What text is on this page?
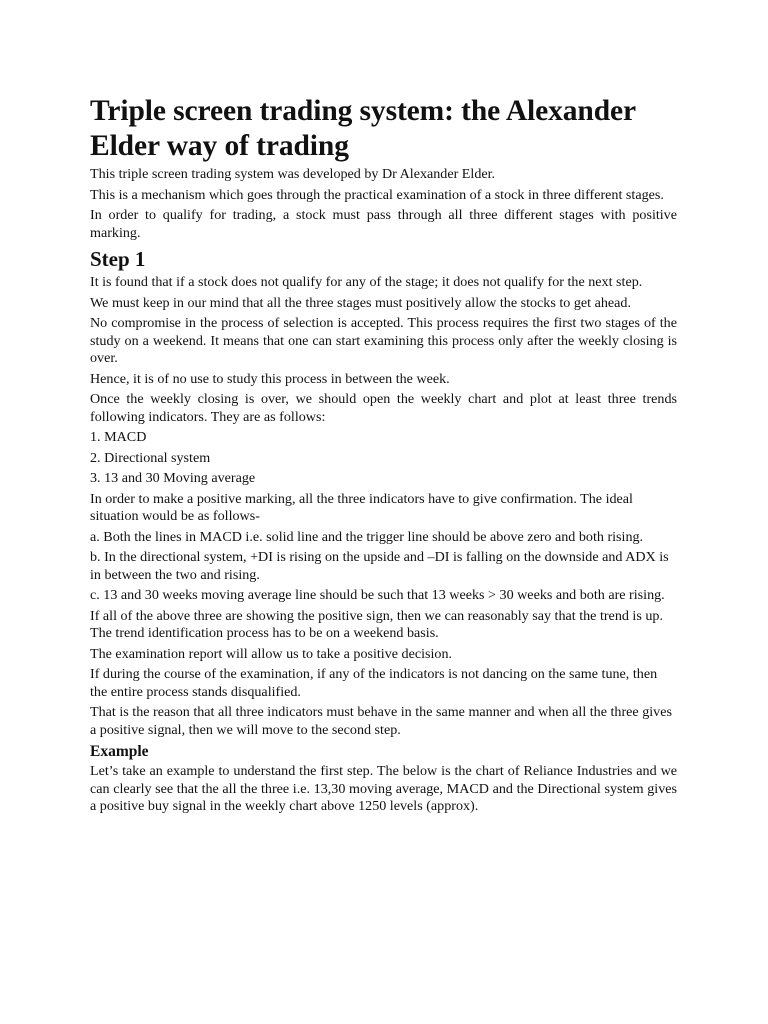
Triple screen trading system: the Alexander Elder way of trading

This triple screen trading system was developed by Dr Alexander Elder.

This is a mechanism which goes through the practical examination of a stock in three different stages.

In order to qualify for trading, a stock must pass through all three different stages with positive marking.

Step 1

It is found that if a stock does not qualify for any of the stage; it does not qualify for the next step.

We must keep in our mind that all the three stages must positively allow the stocks to get ahead.

No compromise in the process of selection is accepted. This process requires the first two stages of the study on a weekend. It means that one can start examining this process only after the weekly closing is over.

Hence, it is of no use to study this process in between the week.

Once the weekly closing is over, we should open the weekly chart and plot at least three trends following indicators. They are as follows:

1. MACD

2. Directional system

3. 13 and 30 Moving average

In order to make a positive marking, all the three indicators have to give confirmation. The ideal situation would be as follows-

a. Both the lines in MACD i.e. solid line and the trigger line should be above zero and both rising.

b. In the directional system, +DI is rising on the upside and –DI is falling on the downside and ADX is in between the two and rising.

c. 13 and 30 weeks moving average line should be such that 13 weeks > 30 weeks and both are rising.

If all of the above three are showing the positive sign, then we can reasonably say that the trend is up. The trend identification process has to be on a weekend basis.

The examination report will allow us to take a positive decision.

If during the course of the examination, if any of the indicators is not dancing on the same tune, then the entire process stands disqualified.

That is the reason that all three indicators must behave in the same manner and when all the three gives a positive signal, then we will move to the second step.

Example

Let’s take an example to understand the first step. The below is the chart of Reliance Industries and we can clearly see that the all the three i.e. 13,30 moving average, MACD and the Directional system gives a positive buy signal in the weekly chart above 1250 levels (approx).
